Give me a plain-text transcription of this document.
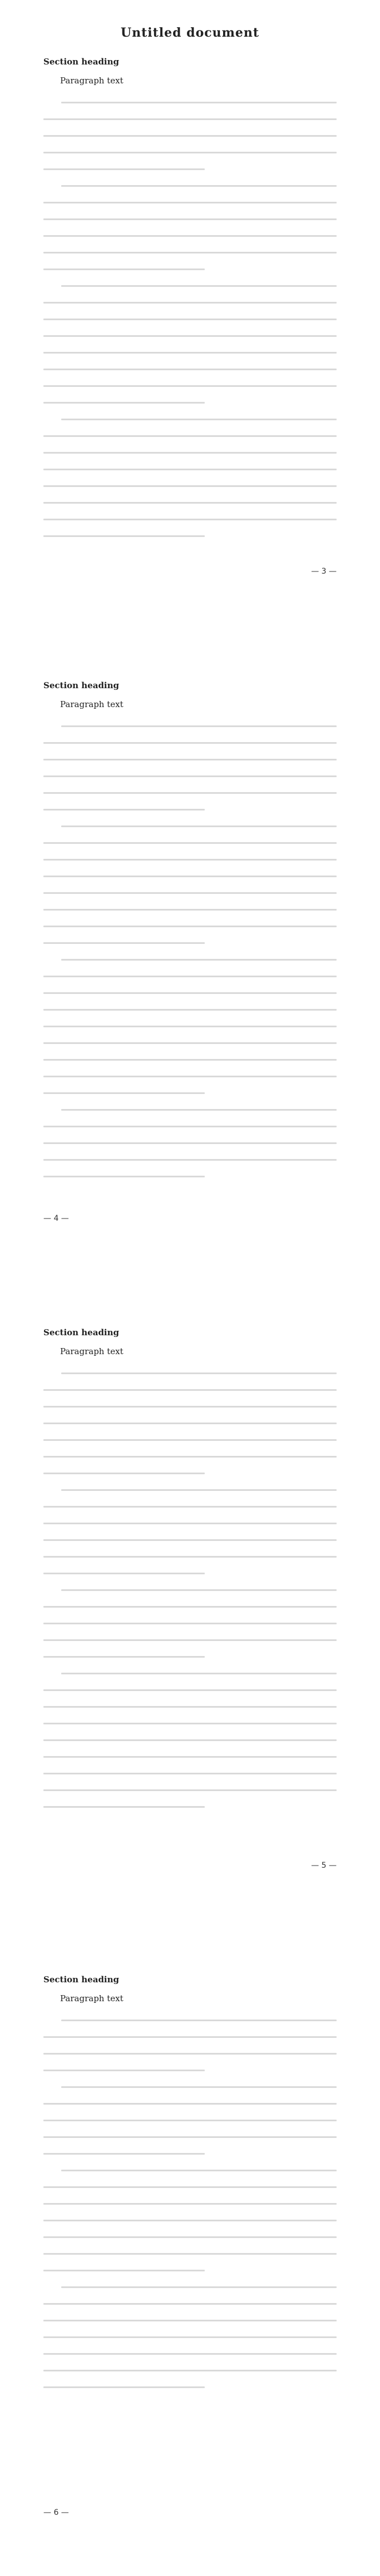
Untitled document
Section heading
Paragraph text
— 3 —
Section heading
Paragraph text
— 4 —
Section heading
Paragraph text
— 5 —
Section heading
Paragraph text
— 6 —
